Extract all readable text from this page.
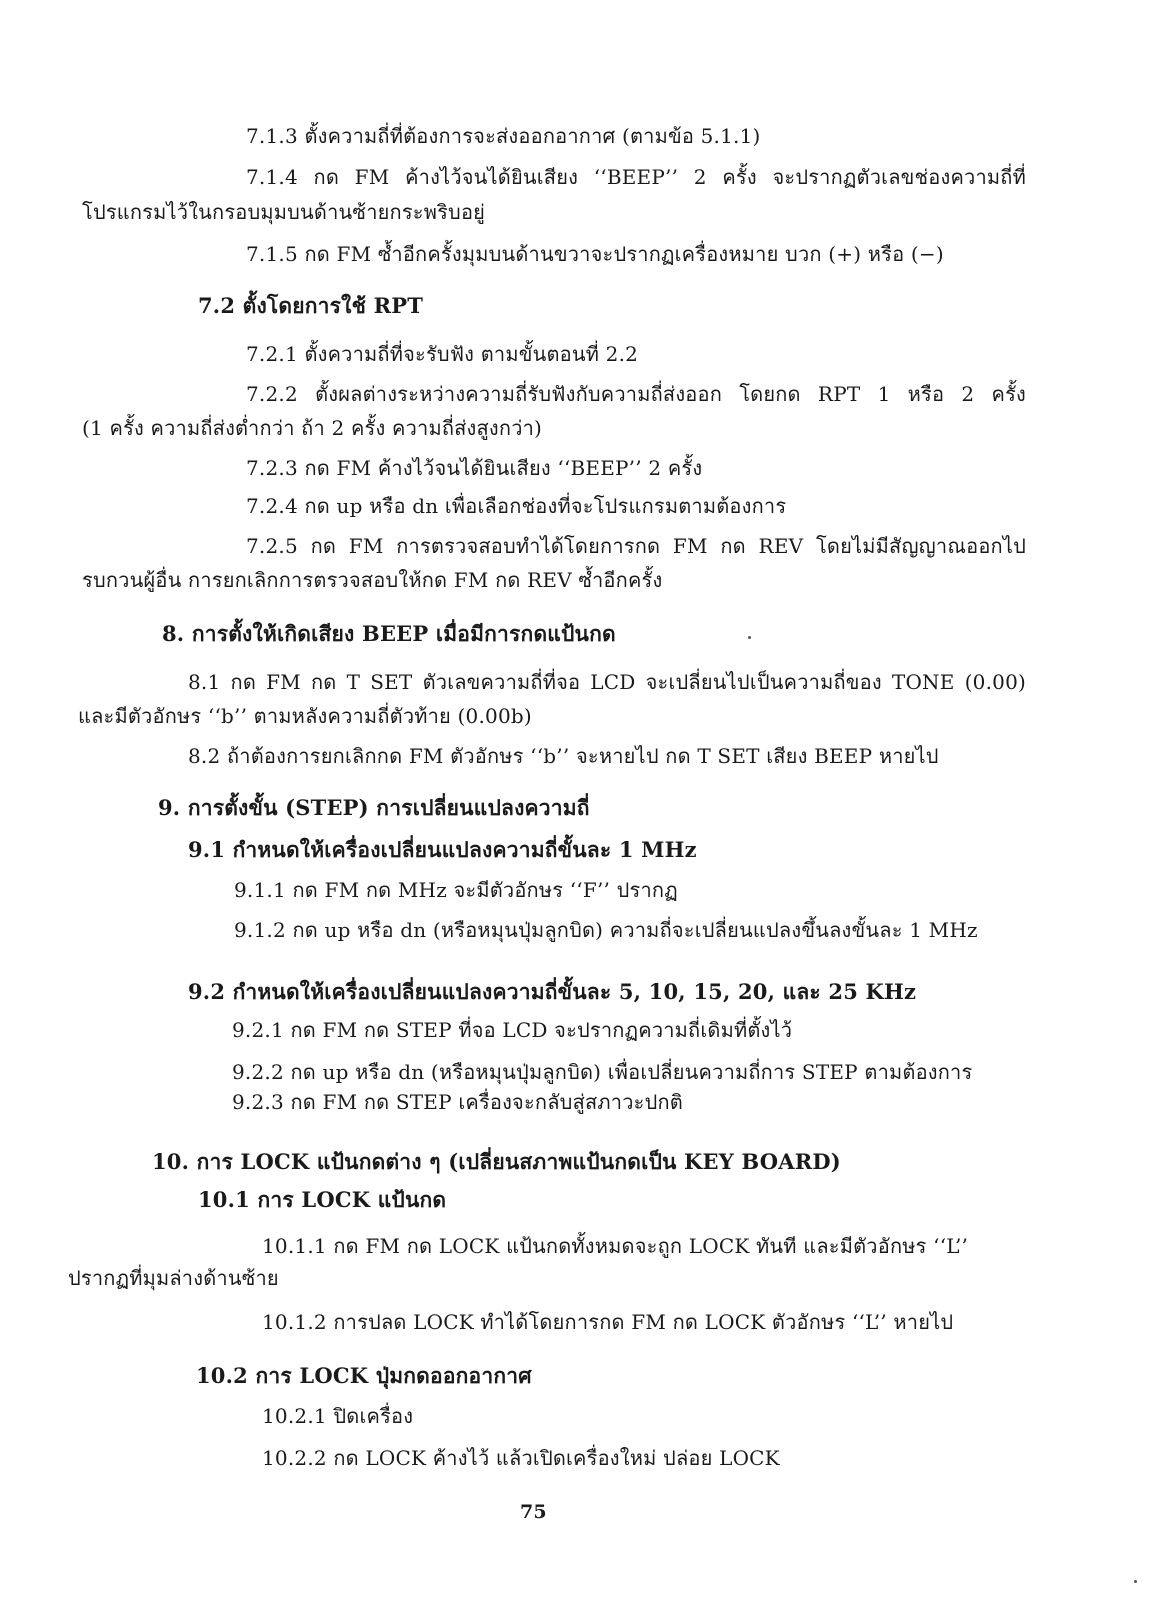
7.1.3 ตั้งความถี่ที่ต้องการจะส่งออกอากาศ (ตามข้อ 5.1.1)
7.1.4 กด FM ค้างไว้จนได้ยินเสียง ‘‘BEEP’’ 2 ครั้ง จะปรากฏตัวเลขช่องความถี่ที่
โปรแกรมไว้ในกรอบมุมบนด้านซ้ายกระพริบอยู่
7.1.5 กด FM ซ้ำอีกครั้งมุมบนด้านขวาจะปรากฏเครื่องหมาย บวก (+) หรือ (−)
7.2 ตั้งโดยการใช้ RPT
7.2.1 ตั้งความถี่ที่จะรับฟัง ตามขั้นตอนที่ 2.2
7.2.2 ตั้งผลต่างระหว่างความถี่รับฟังกับความถี่ส่งออก โดยกด RPT 1 หรือ 2 ครั้ง
(1 ครั้ง ความถี่ส่งต่ำกว่า ถ้า 2 ครั้ง ความถี่ส่งสูงกว่า)
7.2.3 กด FM ค้างไว้จนได้ยินเสียง ‘‘BEEP’’ 2 ครั้ง
7.2.4 กด up หรือ dn เพื่อเลือกช่องที่จะโปรแกรมตามต้องการ
7.2.5 กด FM การตรวจสอบทำได้โดยการกด FM กด REV โดยไม่มีสัญญาณออกไป
รบกวนผู้อื่น การยกเลิกการตรวจสอบให้กด FM กด REV ซ้ำอีกครั้ง
8. การตั้งให้เกิดเสียง BEEP เมื่อมีการกดแป้นกด
8.1 กด FM กด T SET ตัวเลขความถี่ที่จอ LCD จะเปลี่ยนไปเป็นความถี่ของ TONE (0.00)
และมีตัวอักษร ‘‘b’’ ตามหลังความถี่ตัวท้าย (0.00b)
8.2 ถ้าต้องการยกเลิกกด FM ตัวอักษร ‘‘b’’ จะหายไป กด T SET เสียง BEEP หายไป
9. การตั้งขั้น (STEP) การเปลี่ยนแปลงความถี่
9.1 กำหนดให้เครื่องเปลี่ยนแปลงความถี่ขั้นละ 1 MHz
9.1.1 กด FM กด MHz จะมีตัวอักษร ‘‘F’’ ปรากฏ
9.1.2 กด up หรือ dn (หรือหมุนปุ่มลูกบิด) ความถี่จะเปลี่ยนแปลงขึ้นลงขั้นละ 1 MHz
9.2 กำหนดให้เครื่องเปลี่ยนแปลงความถี่ขั้นละ 5, 10, 15, 20, และ 25 KHz
9.2.1 กด FM กด STEP ที่จอ LCD จะปรากฏความถี่เดิมที่ตั้งไว้
9.2.2 กด up หรือ dn (หรือหมุนปุ่มลูกบิด) เพื่อเปลี่ยนความถี่การ STEP ตามต้องการ
9.2.3 กด FM กด STEP เครื่องจะกลับสู่สภาวะปกติ
10. การ LOCK แป้นกดต่าง ๆ (เปลี่ยนสภาพแป้นกดเป็น KEY BOARD)
10.1 การ LOCK แป้นกด
10.1.1 กด FM กด LOCK แป้นกดทั้งหมดจะถูก LOCK ทันที และมีตัวอักษร ‘‘L’’
ปรากฏที่มุมล่างด้านซ้าย
10.1.2 การปลด LOCK ทำได้โดยการกด FM กด LOCK ตัวอักษร ‘‘L’’ หายไป
10.2 การ LOCK ปุ่มกดออกอากาศ
10.2.1 ปิดเครื่อง
10.2.2 กด LOCK ค้างไว้ แล้วเปิดเครื่องใหม่ ปล่อย LOCK
75
